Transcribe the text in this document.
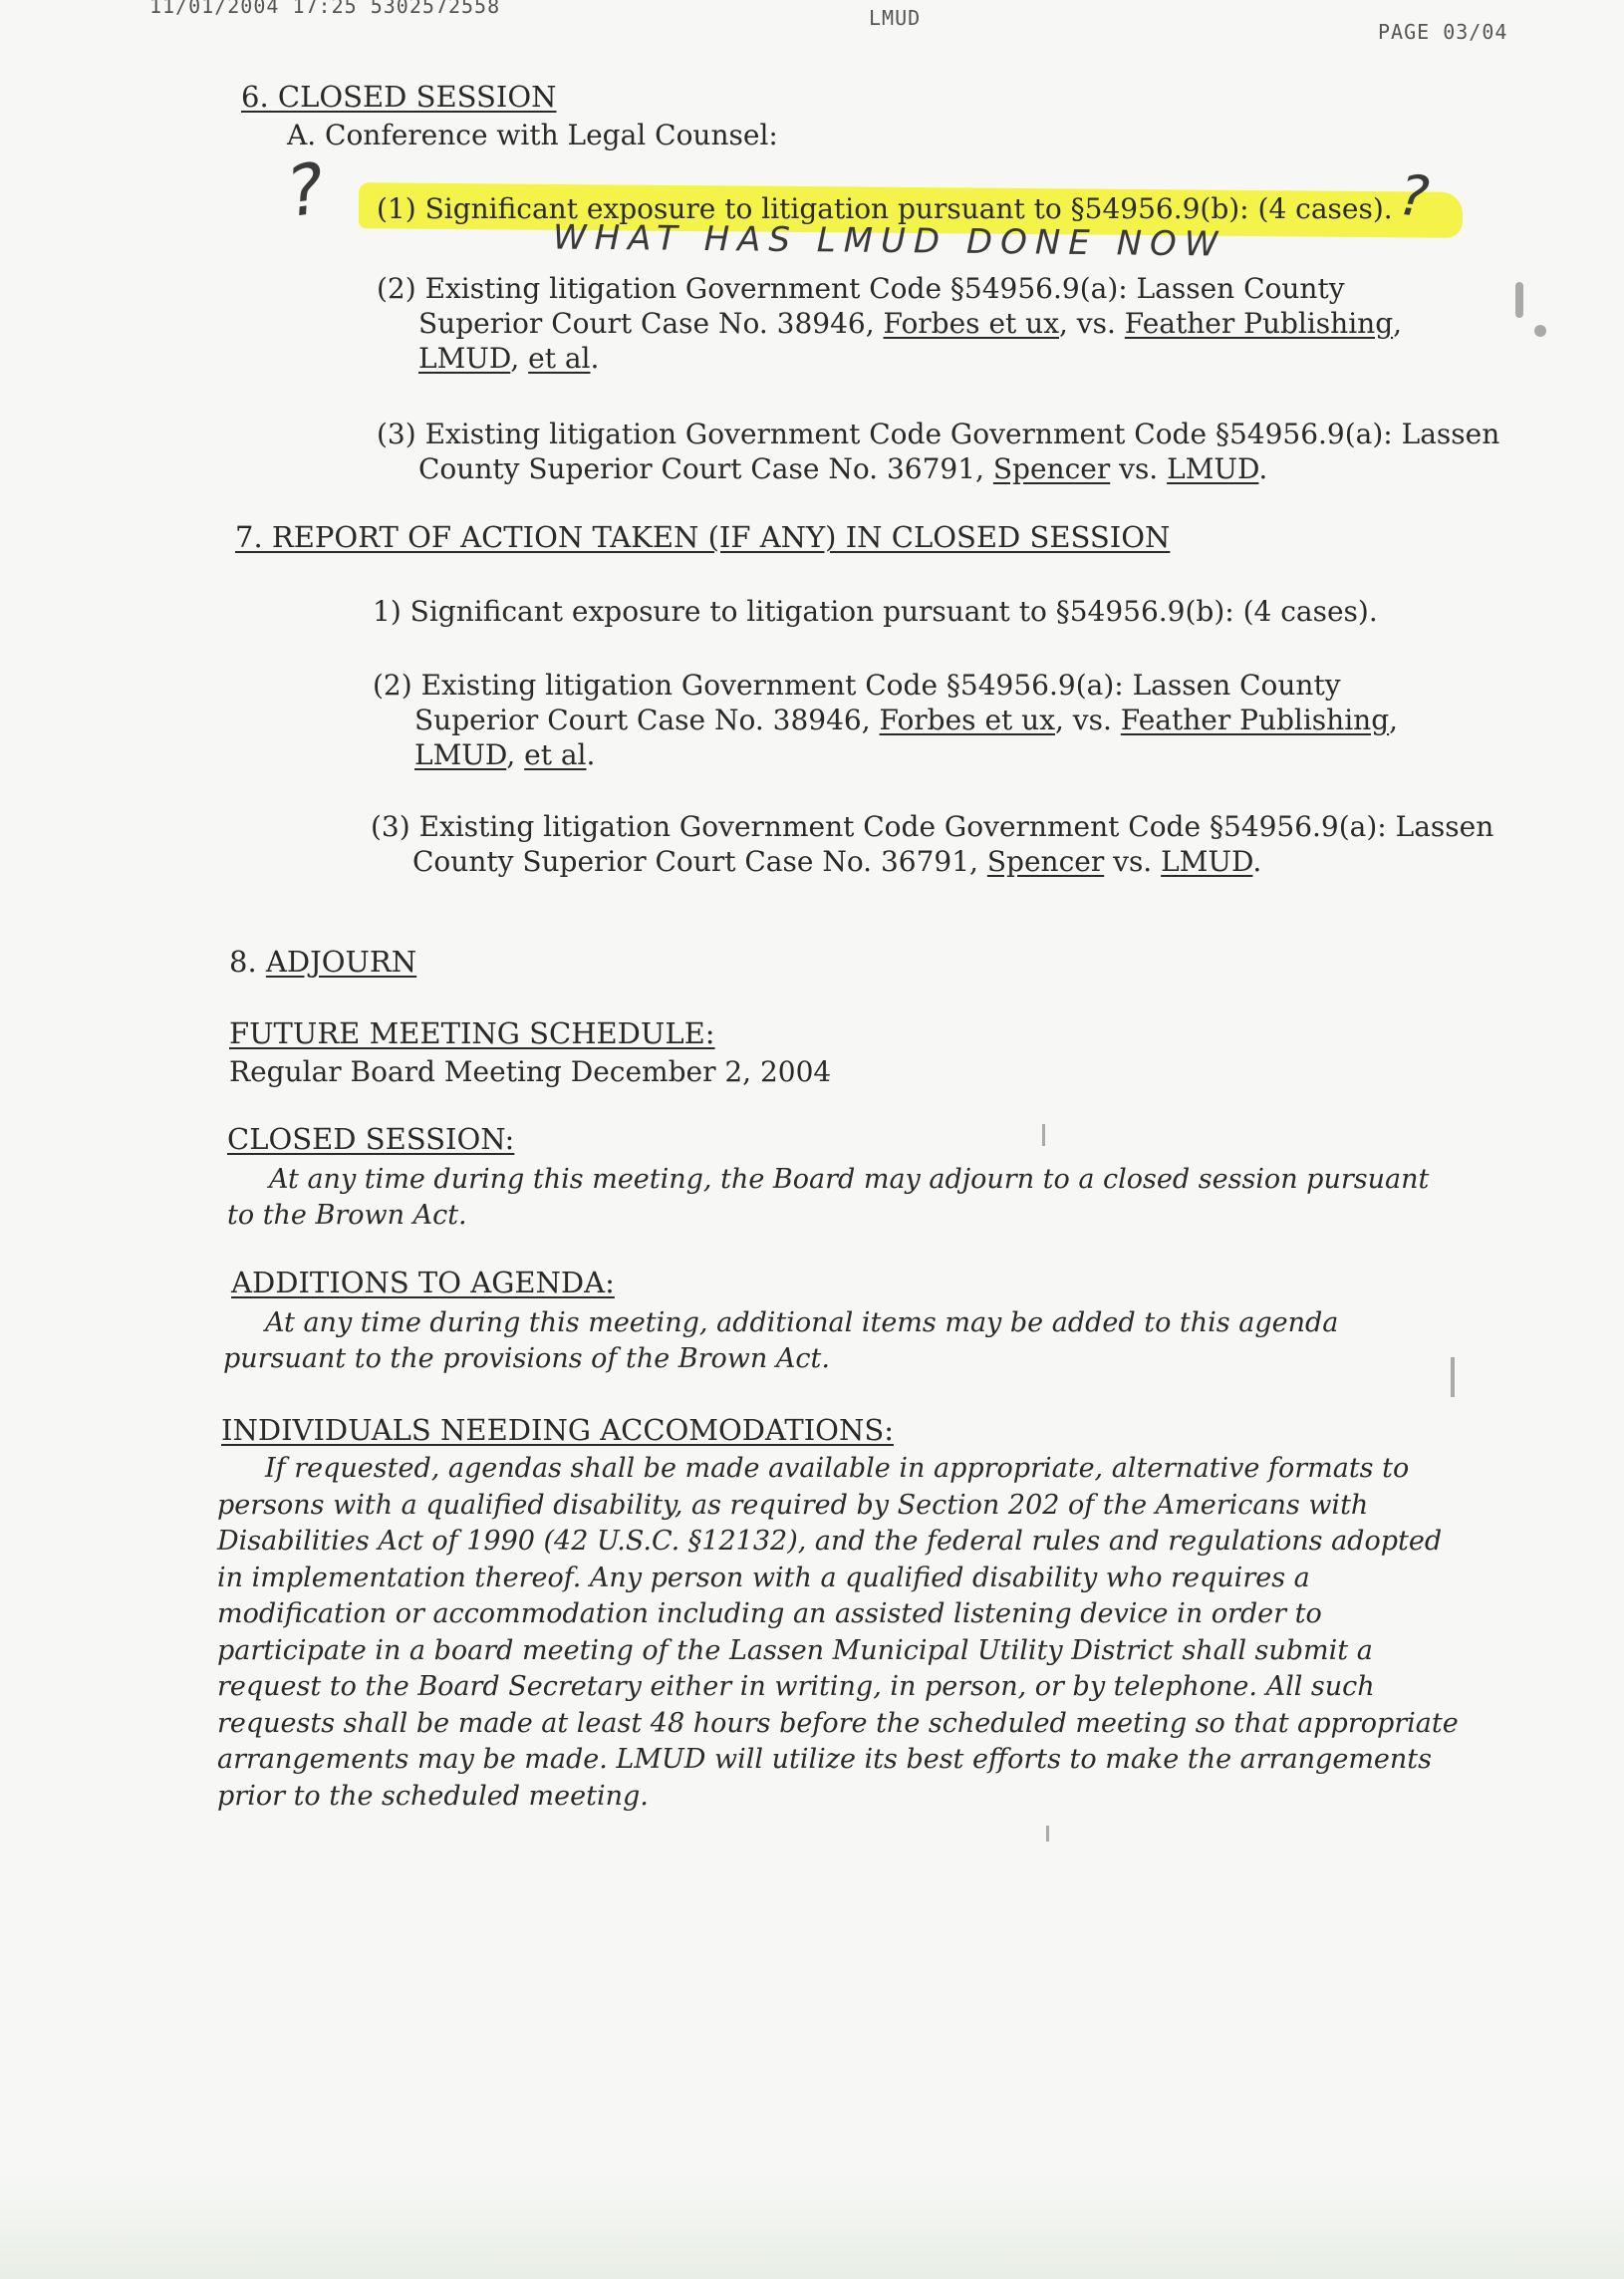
11/01/2004 17:25 5302572558	LMUD
PAGE 03/04
6. CLOSED SESSION
A. Conference with Legal Counsel:
?	?
(1) Significant exposure to litigation pursuant to §54956.9(b): (4 cases).
WHAT HAS LMUD DONE NOW
(2) Existing litigation Government Code §54956.9(a): Lassen County
Superior Court Case No. 38946, Forbes et ux, vs. Feather Publishing,
LMUD, et al.
(3) Existing litigation Government Code Government Code §54956.9(a): Lassen
County Superior Court Case No. 36791, Spencer vs. LMUD.
7. REPORT OF ACTION TAKEN (IF ANY) IN CLOSED SESSION
1) Significant exposure to litigation pursuant to §54956.9(b): (4 cases).
(2) Existing litigation Government Code §54956.9(a): Lassen County
Superior Court Case No. 38946, Forbes et ux, vs. Feather Publishing,
LMUD, et al.
(3) Existing litigation Government Code Government Code §54956.9(a): Lassen
County Superior Court Case No. 36791, Spencer vs. LMUD.
8. ADJOURN
FUTURE MEETING SCHEDULE:
Regular Board Meeting December 2, 2004
CLOSED SESSION:
At any time during this meeting, the Board may adjourn to a closed session pursuant
to the Brown Act.
ADDITIONS TO AGENDA:
At any time during this meeting, additional items may be added to this agenda
pursuant to the provisions of the Brown Act.
INDIVIDUALS NEEDING ACCOMODATIONS:
If requested, agendas shall be made available in appropriate, alternative formats to
persons with a qualified disability, as required by Section 202 of the Americans with
Disabilities Act of 1990 (42 U.S.C. §12132), and the federal rules and regulations adopted
in implementation thereof. Any person with a qualified disability who requires a
modification or accommodation including an assisted listening device in order to
participate in a board meeting of the Lassen Municipal Utility District shall submit a
request to the Board Secretary either in writing, in person, or by telephone. All such
requests shall be made at least 48 hours before the scheduled meeting so that appropriate
arrangements may be made. LMUD will utilize its best efforts to make the arrangements
prior to the scheduled meeting.
